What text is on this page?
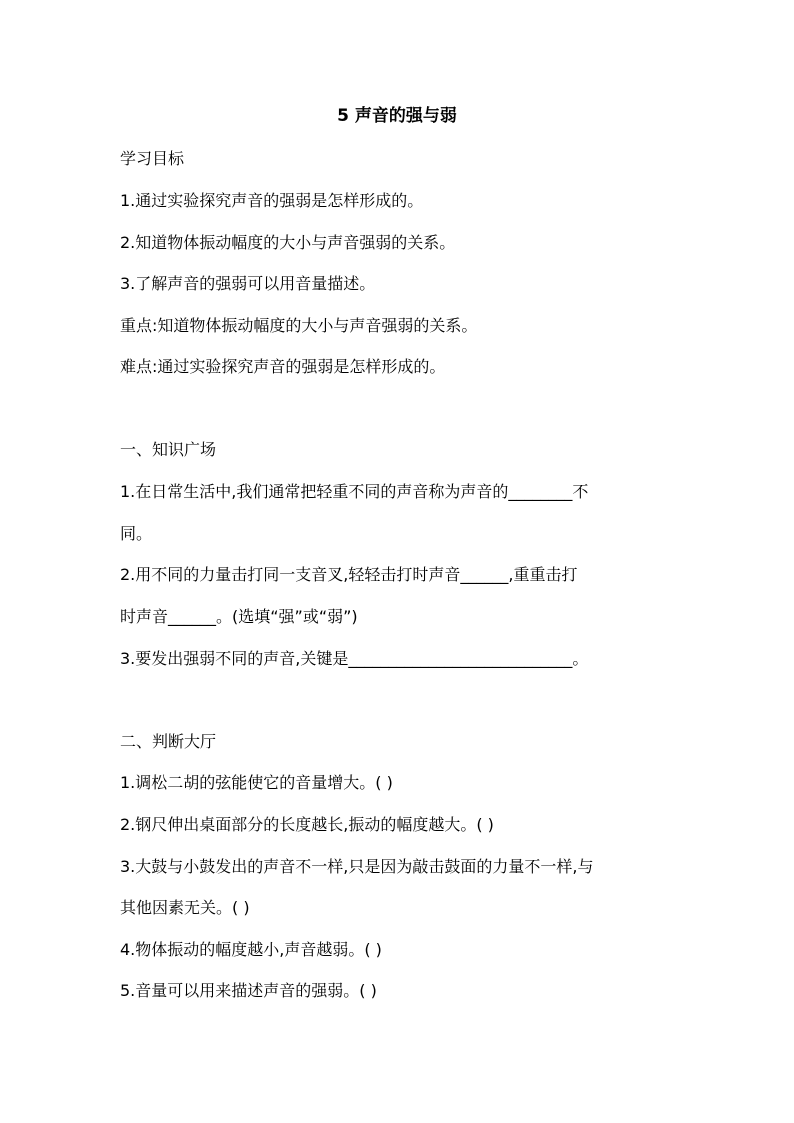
5 声音的强与弱
学习目标
1.通过实验探究声音的强弱是怎样形成的。
2.知道物体振动幅度的大小与声音强弱的关系。
3.了解声音的强弱可以用音量描述。
重点:知道物体振动幅度的大小与声音强弱的关系。
难点:通过实验探究声音的强弱是怎样形成的。
一、知识广场
1.在日常生活中,我们通常把轻重不同的声音称为声音的________不
同。
2.用不同的力量击打同一支音叉,轻轻击打时声音______,重重击打
时声音______。(选填“强”或“弱”)
3.要发出强弱不同的声音,关键是____________________________。
二、判断大厅
1.调松二胡的弦能使它的音量增大。( )
2.钢尺伸出桌面部分的长度越长,振动的幅度越大。( )
3.大鼓与小鼓发出的声音不一样,只是因为敲击鼓面的力量不一样,与
其他因素无关。( )
4.物体振动的幅度越小,声音越弱。( )
5.音量可以用来描述声音的强弱。( )
